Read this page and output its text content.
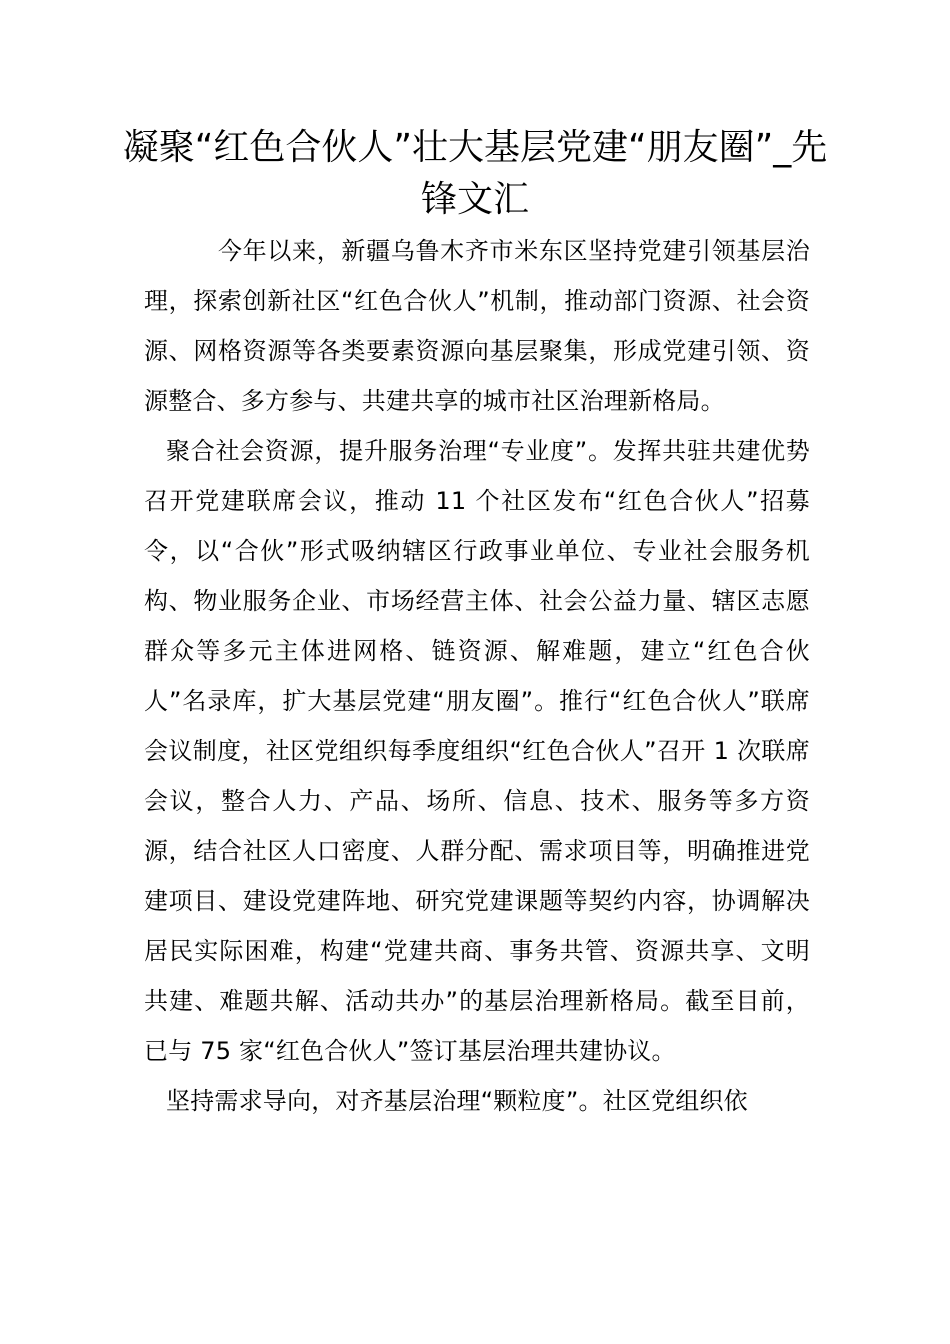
凝聚“红色合伙人”壮大基层党建“朋友圈”_先锋文汇

今年以来，新疆乌鲁木齐市米东区坚持党建引领基层治理，探索创新社区“红色合伙人”机制，推动部门资源、社会资源、网格资源等各类要素资源向基层聚集，形成党建引领、资源整合、多方参与、共建共享的城市社区治理新格局。

聚合社会资源，提升服务治理“专业度”。发挥共驻共建优势召开党建联席会议，推动 11 个社区发布“红色合伙人”招募令，以“合伙”形式吸纳辖区行政事业单位、专业社会服务机构、物业服务企业、市场经营主体、社会公益力量、辖区志愿群众等多元主体进网格、链资源、解难题，建立“红色合伙人”名录库，扩大基层党建“朋友圈”。推行“红色合伙人”联席会议制度，社区党组织每季度组织“红色合伙人”召开 1 次联席会议，整合人力、产品、场所、信息、技术、服务等多方资源，结合社区人口密度、人群分配、需求项目等，明确推进党建项目、建设党建阵地、研究党建课题等契约内容，协调解决居民实际困难，构建“党建共商、事务共管、资源共享、文明共建、难题共解、活动共办”的基层治理新格局。截至目前，已与 75 家“红色合伙人”签订基层治理共建协议。

坚持需求导向，对齐基层治理“颗粒度”。社区党组织依
